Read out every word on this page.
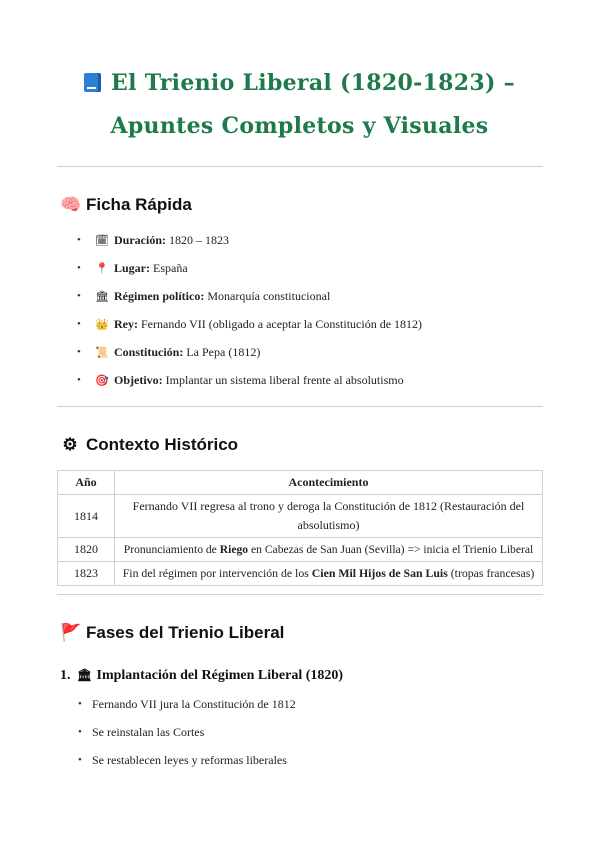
El Trienio Liberal (1820-1823) –
Apuntes Completos y Visuales
🧠 Ficha Rápida
• 🗓 Duración: 1820 – 1823
• 📍 Lugar: España
• 🏛 Régimen político: Monarquía constitucional
• 👑 Rey: Fernando VII (obligado a aceptar la Constitución de 1812)
• 📜 Constitución: La Pepa (1812)
• 🎯 Objetivo: Implantar un sistema liberal frente al absolutismo
⚙ Contexto Histórico
Año	Acontecimiento
1814	Fernando VII regresa al trono y deroga la Constitución de 1812 (Restauración del absolutismo)
1820	Pronunciamiento de Riego en Cabezas de San Juan (Sevilla) => inicia el Trienio Liberal
1823	Fin del régimen por intervención de los Cien Mil Hijos de San Luis (tropas francesas)
🚩 Fases del Trienio Liberal
1. 🏛 Implantación del Régimen Liberal (1820)
• Fernando VII jura la Constitución de 1812
• Se reinstalan las Cortes
• Se restablecen leyes y reformas liberales
